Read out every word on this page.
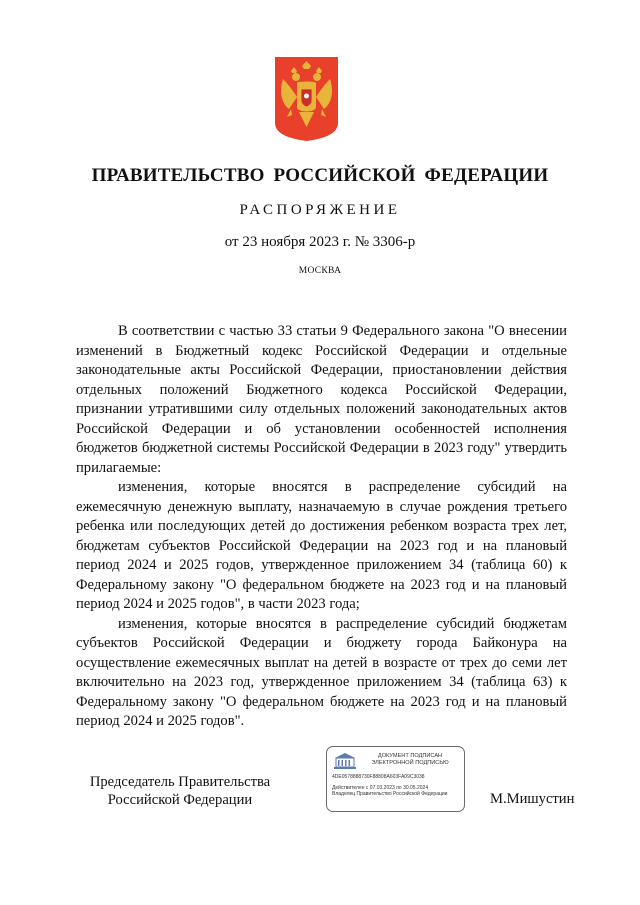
ПРАВИТЕЛЬСТВО РОССИЙСКОЙ ФЕДЕРАЦИИ
РАСПОРЯЖЕНИЕ
от 23 ноября 2023 г. № 3306-р
МОСКВА

В соответствии с частью 33 статьи 9 Федерального закона "О внесении изменений в Бюджетный кодекс Российской Федерации и отдельные законодательные акты Российской Федерации, приостановлении действия отдельных положений Бюджетного кодекса Российской Федерации, признании утратившими силу отдельных положений законодательных актов Российской Федерации и об установлении особенностей исполнения бюджетов бюджетной системы Российской Федерации в 2023 году" утвердить прилагаемые:

изменения, которые вносятся в распределение субсидий на ежемесячную денежную выплату, назначаемую в случае рождения третьего ребенка или последующих детей до достижения ребенком возраста трех лет, бюджетам субъектов Российской Федерации на 2023 год и на плановый период 2024 и 2025 годов, утвержденное приложением 34 (таблица 60) к Федеральному закону "О федеральном бюджете на 2023 год и на плановый период 2024 и 2025 годов", в части 2023 года;

изменения, которые вносятся в распределение субсидий бюджетам субъектов Российской Федерации и бюджету города Байконура на осуществление ежемесячных выплат на детей в возрасте от трех до семи лет включительно на 2023 год, утвержденное приложением 34 (таблица 63) к Федеральному закону "О федеральном бюджете на 2023 год и на плановый период 2024 и 2025 годов".

Председатель Правительства
Российской Федерации
ДОКУМЕНТ ПОДПИСАН
ЭЛЕКТРОННОЙ ПОДПИСЬЮ
4DE0578888730F88808A603FA09C3038
Действителен с 07.03.2023 по 30.05.2024
Владелец Правительство Российской Федерации	М.Мишустин
